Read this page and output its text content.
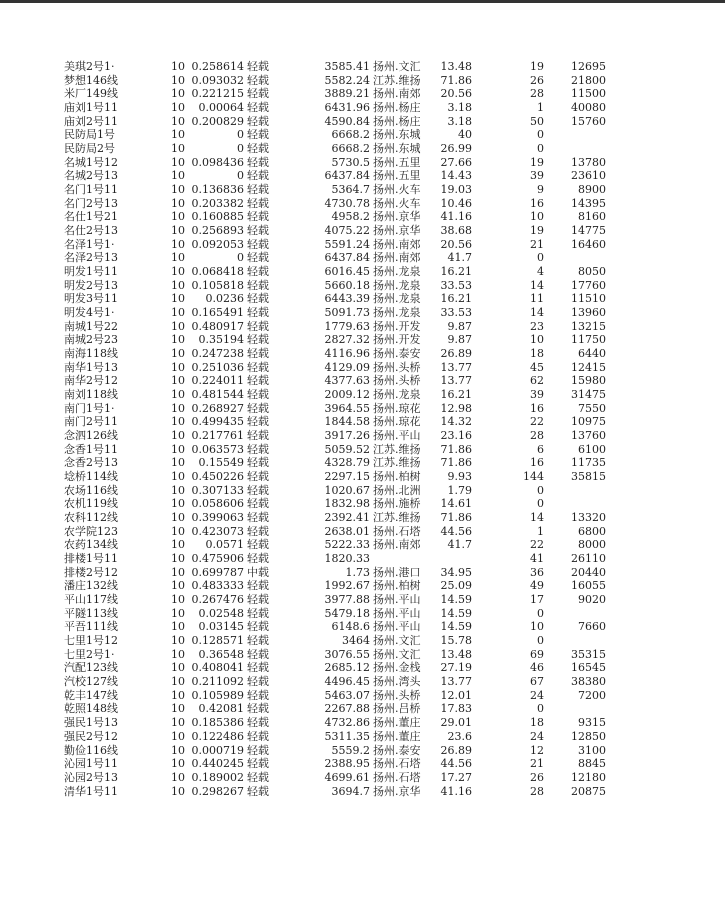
美琪2号1·	10 0.258614 轻载	3585.41 扬州.文汇	13.48	19	12695
梦想146线	10 0.093032 轻载	5582.24 江苏.维扬	71.86	26	21800
米厂149线	10 0.221215 轻载	3889.21 扬州.南郊	20.56	28	11500
庙刘1号11	10	0.00064 轻载	6431.96 扬州.杨庄	3.18	1	40080
庙刘2号11	10 0.200829 轻载	4590.84 扬州.杨庄	3.18	50	15760
民防局1号	10	0 轻载	6668.2 扬州.东城	40	0
民防局2号	10	0 轻载	6668.2 扬州.东城	26.99	0
名城1号12	10 0.098436 轻载	5730.5 扬州.五里	27.66	19	13780
名城2号13	10	0 轻载	6437.84 扬州.五里	14.43	39	23610
名门1号11	10 0.136836 轻载	5364.7 扬州.火车	19.03	9	8900
名门2号13	10 0.203382 轻载	4730.78 扬州.火车	10.46	16	14395
名仕1号21	10 0.160885 轻载	4958.2 扬州.京华	41.16	10	8160
名仕2号13	10 0.256893 轻载	4075.22 扬州.京华	38.68	19	14775
名泽1号1·	10 0.092053 轻载	5591.24 扬州.南郊	20.56	21	16460
名泽2号13	10	0 轻载	6437.84 扬州.南郊	41.7	0
明发1号11	10 0.068418 轻载	6016.45 扬州.龙泉	16.21	4	8050
明发2号13	10 0.105818 轻载	5660.18 扬州.龙泉	33.53	14	17760
明发3号11	10	0.0236 轻载	6443.39 扬州.龙泉	16.21	11	11510
明发4号1·	10 0.165491 轻载	5091.73 扬州.龙泉	33.53	14	13960
南城1号22	10 0.480917 轻载	1779.63 扬州.开发	9.87	23	13215
南城2号23	10	0.35194 轻载	2827.32 扬州.开发	9.87	10	11750
南海118线	10 0.247238 轻载	4116.96 扬州.泰安	26.89	18	6440
南华1号13	10 0.251036 轻载	4129.09 扬州.头桥	13.77	45	12415
南华2号12	10 0.224011 轻载	4377.63 扬州.头桥	13.77	62	15980
南刘118线	10 0.481544 轻载	2009.12 扬州.龙泉	16.21	39	31475
南门1号1·	10 0.268927 轻载	3964.55 扬州.琼花	12.98	16	7550
南门2号11	10 0.499435 轻载	1844.58 扬州.琼花	14.32	22	10975
念泗126线	10 0.217761 轻载	3917.26 扬州.平山	23.16	28	13760
念香1号11	10 0.063573 轻载	5059.52 江苏.维扬	71.86	6	6100
念香2号13	10	0.15549 轻载	4328.79 江苏.维扬	71.86	16	11735
埝桥114线	10 0.450226 轻载	2297.15 扬州.柏树	9.93	144	35815
农场116线	10 0.307133 轻载	1020.67 扬州.北洲	1.79	0
农机119线	10 0.058606 轻载	1832.98 扬州.施桥	14.61	0
农科112线	10 0.399063 轻载	2392.41 江苏.维扬	71.86	14	13320
农学院123	10 0.423073 轻载	2638.01 扬州.石塔	44.56	1	6800
农药134线	10	0.0571 轻载	5222.33 扬州.南郊	41.7	22	8000
排楼1号11	10 0.475906 轻载	1820.33	41	26110
排楼2号12	10 0.699787 中载	1.73 扬州.港口	34.95	36	20440
潘庄132线	10 0.483333 轻载	1992.67 扬州.柏树	25.09	49	16055
平山117线	10 0.267476 轻载	3977.88 扬州.平山	14.59	17	9020
平隧113线	10	0.02548 轻载	5479.18 扬州.平山	14.59	0
平吾111线	10	0.03145 轻载	6148.6 扬州.平山	14.59	10	7660
七里1号12	10 0.128571 轻载	3464 扬州.文汇	15.78	0
七里2号1·	10	0.36548 轻载	3076.55 扬州.文汇	13.48	69	35315
汽配123线	10 0.408041 轻载	2685.12 扬州.金栈	27.19	46	16545
汽校127线	10 0.211092 轻载	4496.45 扬州.湾头	13.77	67	38380
乾丰147线	10 0.105989 轻载	5463.07 扬州.头桥	12.01	24	7200
乾照148线	10	0.42081 轻载	2267.88 扬州.吕桥	17.83	0
强民1号13	10 0.185386 轻载	4732.86 扬州.董庄	29.01	18	9315
强民2号12	10 0.122486 轻载	5311.35 扬州.董庄	23.6	24	12850
勤俭116线	10 0.000719 轻载	5559.2 扬州.泰安	26.89	12	3100
沁园1号11	10 0.440245 轻载	2388.95 扬州.石塔	44.56	21	8845
沁园2号13	10 0.189002 轻载	4699.61 扬州.石塔	17.27	26	12180
清华1号11	10 0.298267 轻载	3694.7 扬州.京华	41.16	28	20875
